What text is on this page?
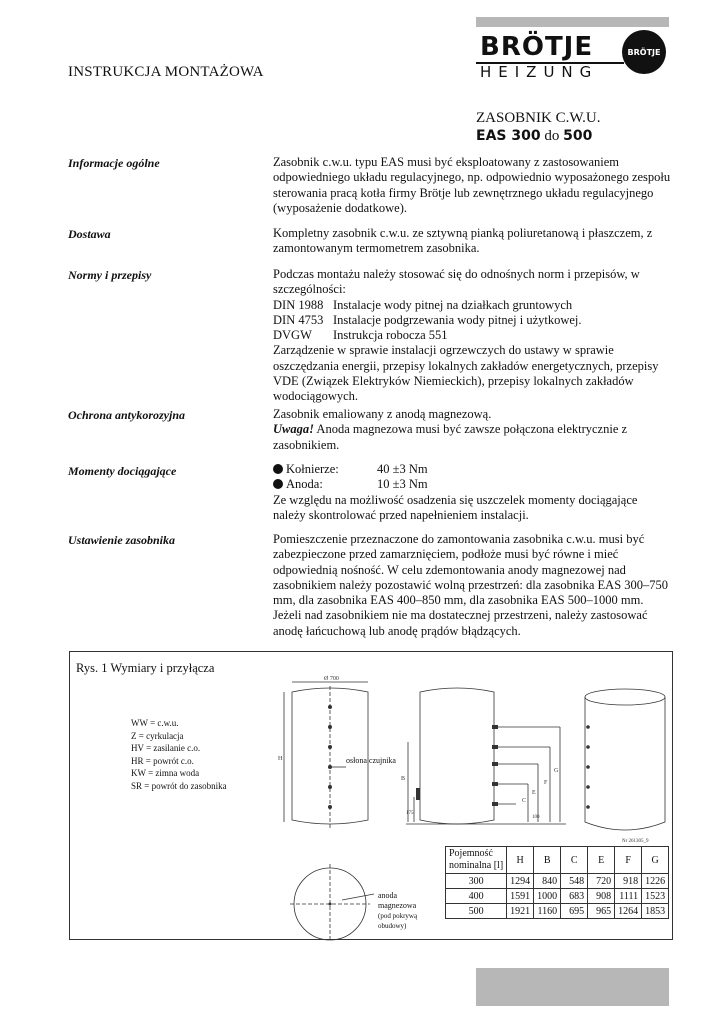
INSTRUKCJA MONTAŻOWA
BRÖTJE
HEIZUNG
BRÖTJE
ZASOBNIK C.W.U.
EAS 300 do 500
Informacje ogólne	Zasobnik c.w.u. typu EAS musi być eksploatowany z zastosowaniem odpowiedniego układu regulacyjnego, np. odpowiednio wyposażonego zespołu sterowania pracą kotła firmy Brötje lub zewnętrznego układu regulacyjnego (wyposażenie dodatkowe).

Dostawa	Kompletny zasobnik c.w.u. ze sztywną pianką poliuretanową i płaszczem, z zamontowanym termometrem zasobnika.

Normy i przepisy	Podczas montażu należy stosować się do odnośnych norm i przepisów, w szczególności:

DIN 1988 Instalacje wody pitnej na działkach gruntowych
DIN 4753 Instalacje podgrzewania wody pitnej i użytkowej.
DVGW	Instrukcja robocza 551

Zarządzenie w sprawie instalacji ogrzewczych do ustawy w sprawie oszczędzania energii, przepisy lokalnych zakładów energetycznych, przepisy VDE (Związek Elektryków Niemieckich), przepisy lokalnych zakładów wodociągowych.

Ochrona antykorozyjna	Zasobnik emaliowany z anodą magnezową.

Uwaga! Anoda magnezowa musi być zawsze połączona elektrycznie z zasobnikiem.

Momenty dociągające	Kołnierze:	40 ±3 Nm
Anoda:	10 ±3 Nm

Ze względu na możliwość osadzenia się uszczelek momenty dociągające należy skontrolować przed napełnieniem instalacji.

Ustawienie zasobnika	Pomieszczenie przeznaczone do zamontowania zasobnika c.w.u. musi być zabezpieczone przed zamarznięciem, podłoże musi być równe i mieć odpowiednią nośność. W celu zdemontowania anody magnezowej nad zasobnikiem należy pozostawić wolną przestrzeń: dla zasobnika EAS 300–750 mm, dla zasobnika EAS 400–850 mm, dla zasobnika EAS 500–1000 mm. Jeżeli nad zasobnikiem nie ma dostatecznej przestrzeni, należy zastosować anodę łańcuchową lub anodę prądów błądzących.

Rys. 1 Wymiary i przyłącza
WW = c.w.u.
Z = cyrkulacja
HV = zasilanie c.o.
HR = powrót c.o.
KW = zimna woda
SR = powrót do zasobnika
Ø 700
H
B
C
E
F
G
175
100
Nr 261305_9
osłona czujnika
anoda
magnezowa
(pod pokrywą
obudowy)
Pojemność
nominalna [l]	H	B	C	E	F	G
300	1294	840	548	720	918	1226
400	1591	1000	683	908	1111	1523
500	1921	1160	695	965	1264	1853
